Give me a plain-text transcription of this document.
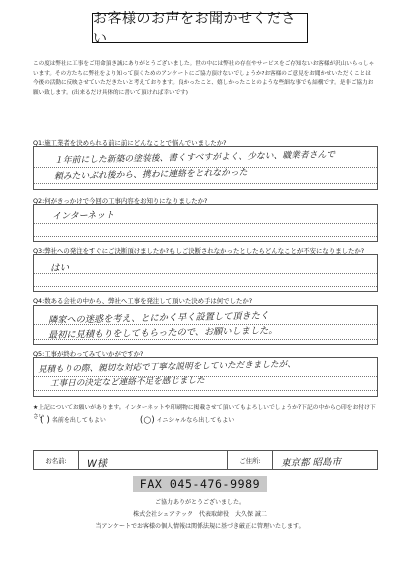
お客様のお声をお聞かせください
この度は弊社に工事をご用命頂き誠にありがとうございました。世の中には弊社の存在やサービスをご存知ないお客様が沢山いらっしゃいます。その方たちに弊社をより知って頂くためのアンケートにご協力頂けないでしょうか?お客様のご意見をお聞かせいただくことは今後の活動に反映させていただきたいと考えております。良かったこと、嬉しかったことのような些細な事でも結構です。是非ご協力お願い致します。(出来るだけ具体的に書いて頂ければ幸いです)
Q1:施工業者を決められる前に前にどんなことで悩んでいましたか?
１年前にした新築の塗装後、書くすべすがよく、少ない、職業者さんで
頼みたいぶれ後から、携わに連絡をとれなかった
Q2:何がきっかけで今回の工事内容をお知りになりましたか?
インターネット
Q3:弊社への発注をすぐにご決断頂けましたか?もしご決断されなかったとしたらどんなことが不安になりましたか?
はい
Q4:数ある会社の中から、弊社へ工事を発注して頂いた決め手は何でしたか?
隣家への迷惑を考え、とにかく早く設置して頂きたく
最初に見積もりをしてもらったので、お願いしました。
Q5:工事が終わってみていかがですか?
見積もりの際、親切な対応で丁寧な説明をしていただきましたが、
工事日の決定など連絡不足を感じました
★上記についてお願いがあります。インターネットや印刷物に掲載させて頂いてもよろしいでしょうか?下記の中から○印をお付け下さい
( ) 名前を出してもよい	(○) イニシャルなら出してもよい
お名前:	W様	ご住所:	東京都 昭島市
FAX 045-476-9989
ご協力ありがとうございました。
株式会社シェアテック　代表取締役　大久保 誠二
当アンケートでお客様の個人情報は関係法規に基づき厳正に管理いたします。
